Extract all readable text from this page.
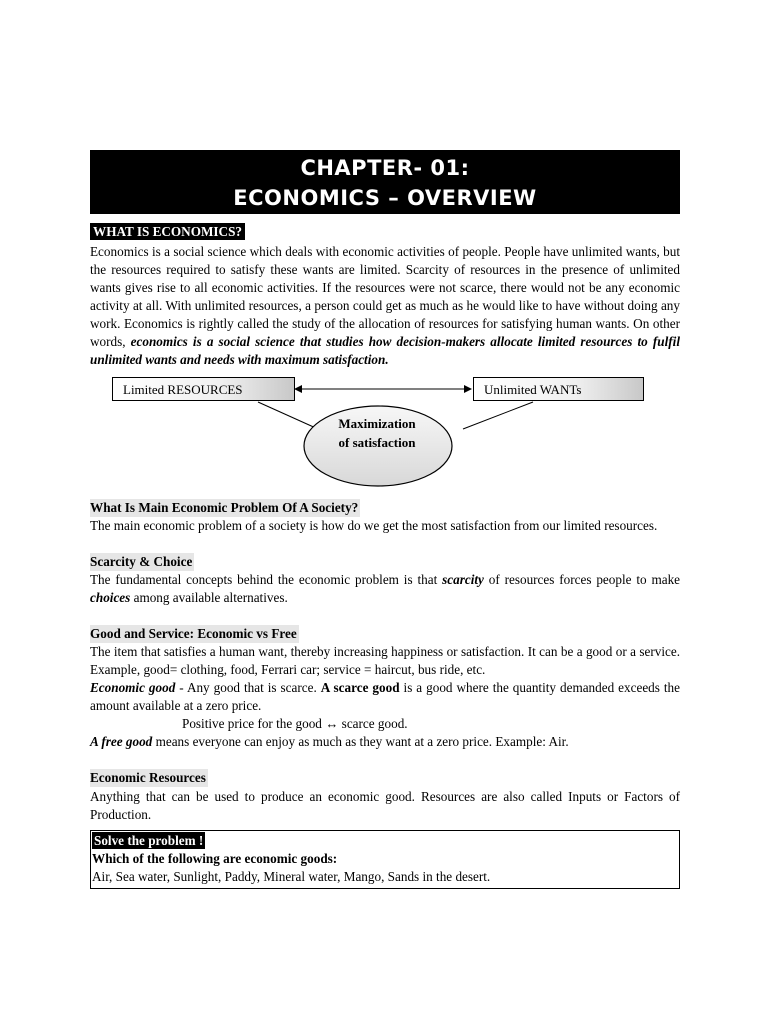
CHAPTER- 01:
ECONOMICS – OVERVIEW
WHAT IS ECONOMICS?

Economics is a social science which deals with economic activities of people. People have unlimited wants, but the resources required to satisfy these wants are limited. Scarcity of resources in the presence of unlimited wants gives rise to all economic activities. If the resources were not scarce, there would not be any economic activity at all. With unlimited resources, a person could get as much as he would like to have without doing any work. Economics is rightly called the study of the allocation of resources for satisfying human wants. On other words, economics is a social science that studies how decision-makers allocate limited resources to fulfil unlimited wants and needs with maximum satisfaction.

Limited RESOURCES	Unlimited WANTs
Maximization
of satisfaction
What Is Main Economic Problem Of A Society?

The main economic problem of a society is how do we get the most satisfaction from our limited resources.

Scarcity & Choice

The fundamental concepts behind the economic problem is that scarcity of resources forces people to make choices among available alternatives.

Good and Service: Economic vs Free

The item that satisfies a human want, thereby increasing happiness or satisfaction. It can be a good or a service. Example, good= clothing, food, Ferrari car; service = haircut, bus ride, etc.

Economic good - Any good that is scarce. A scarce good is a good where the quantity demanded exceeds the amount available at a zero price.

Positive price for the good ↔ scarce good.

A free good means everyone can enjoy as much as they want at a zero price. Example: Air.

Economic Resources

Anything that can be used to produce an economic good. Resources are also called Inputs or Factors of Production.

Solve the problem !
Which of the following are economic goods:
Air, Sea water, Sunlight, Paddy, Mineral water, Mango, Sands in the desert.
